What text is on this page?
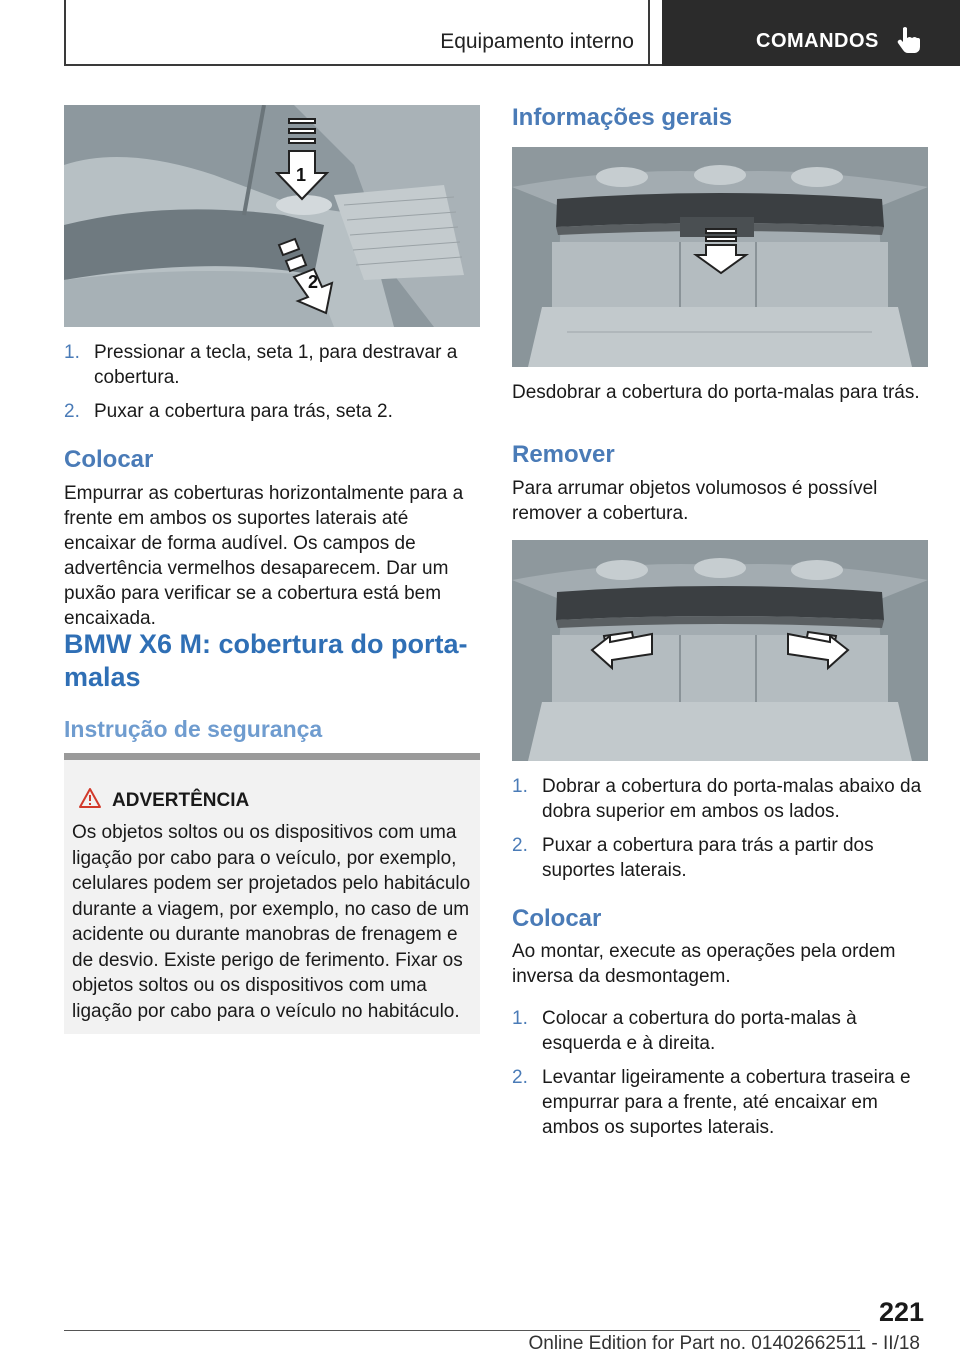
Equipamento interno	COMANDOS
1
2
1. Pressionar a tecla, seta 1, para destravar a cobertura.
2. Puxar a cobertura para trás, seta 2.
Colocar
Empurrar as coberturas horizontalmente para a frente em ambos os suportes laterais até encaixar de forma audível. Os campos de advertência vermelhos desaparecem. Dar um puxão para verificar se a cobertura está bem encaixada.
BMW X6 M: cobertura do porta-malas
Instrução de segurança
ADVERTÊNCIA
Os objetos soltos ou os dispositivos com uma ligação por cabo para o veículo, por exemplo, celulares podem ser projetados pelo habitáculo durante a viagem, por exemplo, no caso de um acidente ou durante manobras de frenagem e de desvio. Existe perigo de ferimento. Fixar os objetos soltos ou os dispositivos com uma ligação por cabo para o veículo no habitáculo.
Informações gerais
Desdobrar a cobertura do porta-malas para trás.
Remover
Para arrumar objetos volumosos é possível remover a cobertura.
1. Dobrar a cobertura do porta-malas abaixo da dobra superior em ambos os lados.
2. Puxar a cobertura para trás a partir dos suportes laterais.
Colocar
Ao montar, execute as operações pela ordem inversa da desmontagem.
1. Colocar a cobertura do porta-malas à esquerda e à direita.
2. Levantar ligeiramente a cobertura traseira e empurrar para a frente, até encaixar em ambos os suportes laterais.
221
Online Edition for Part no. 01402662511 - II/18
